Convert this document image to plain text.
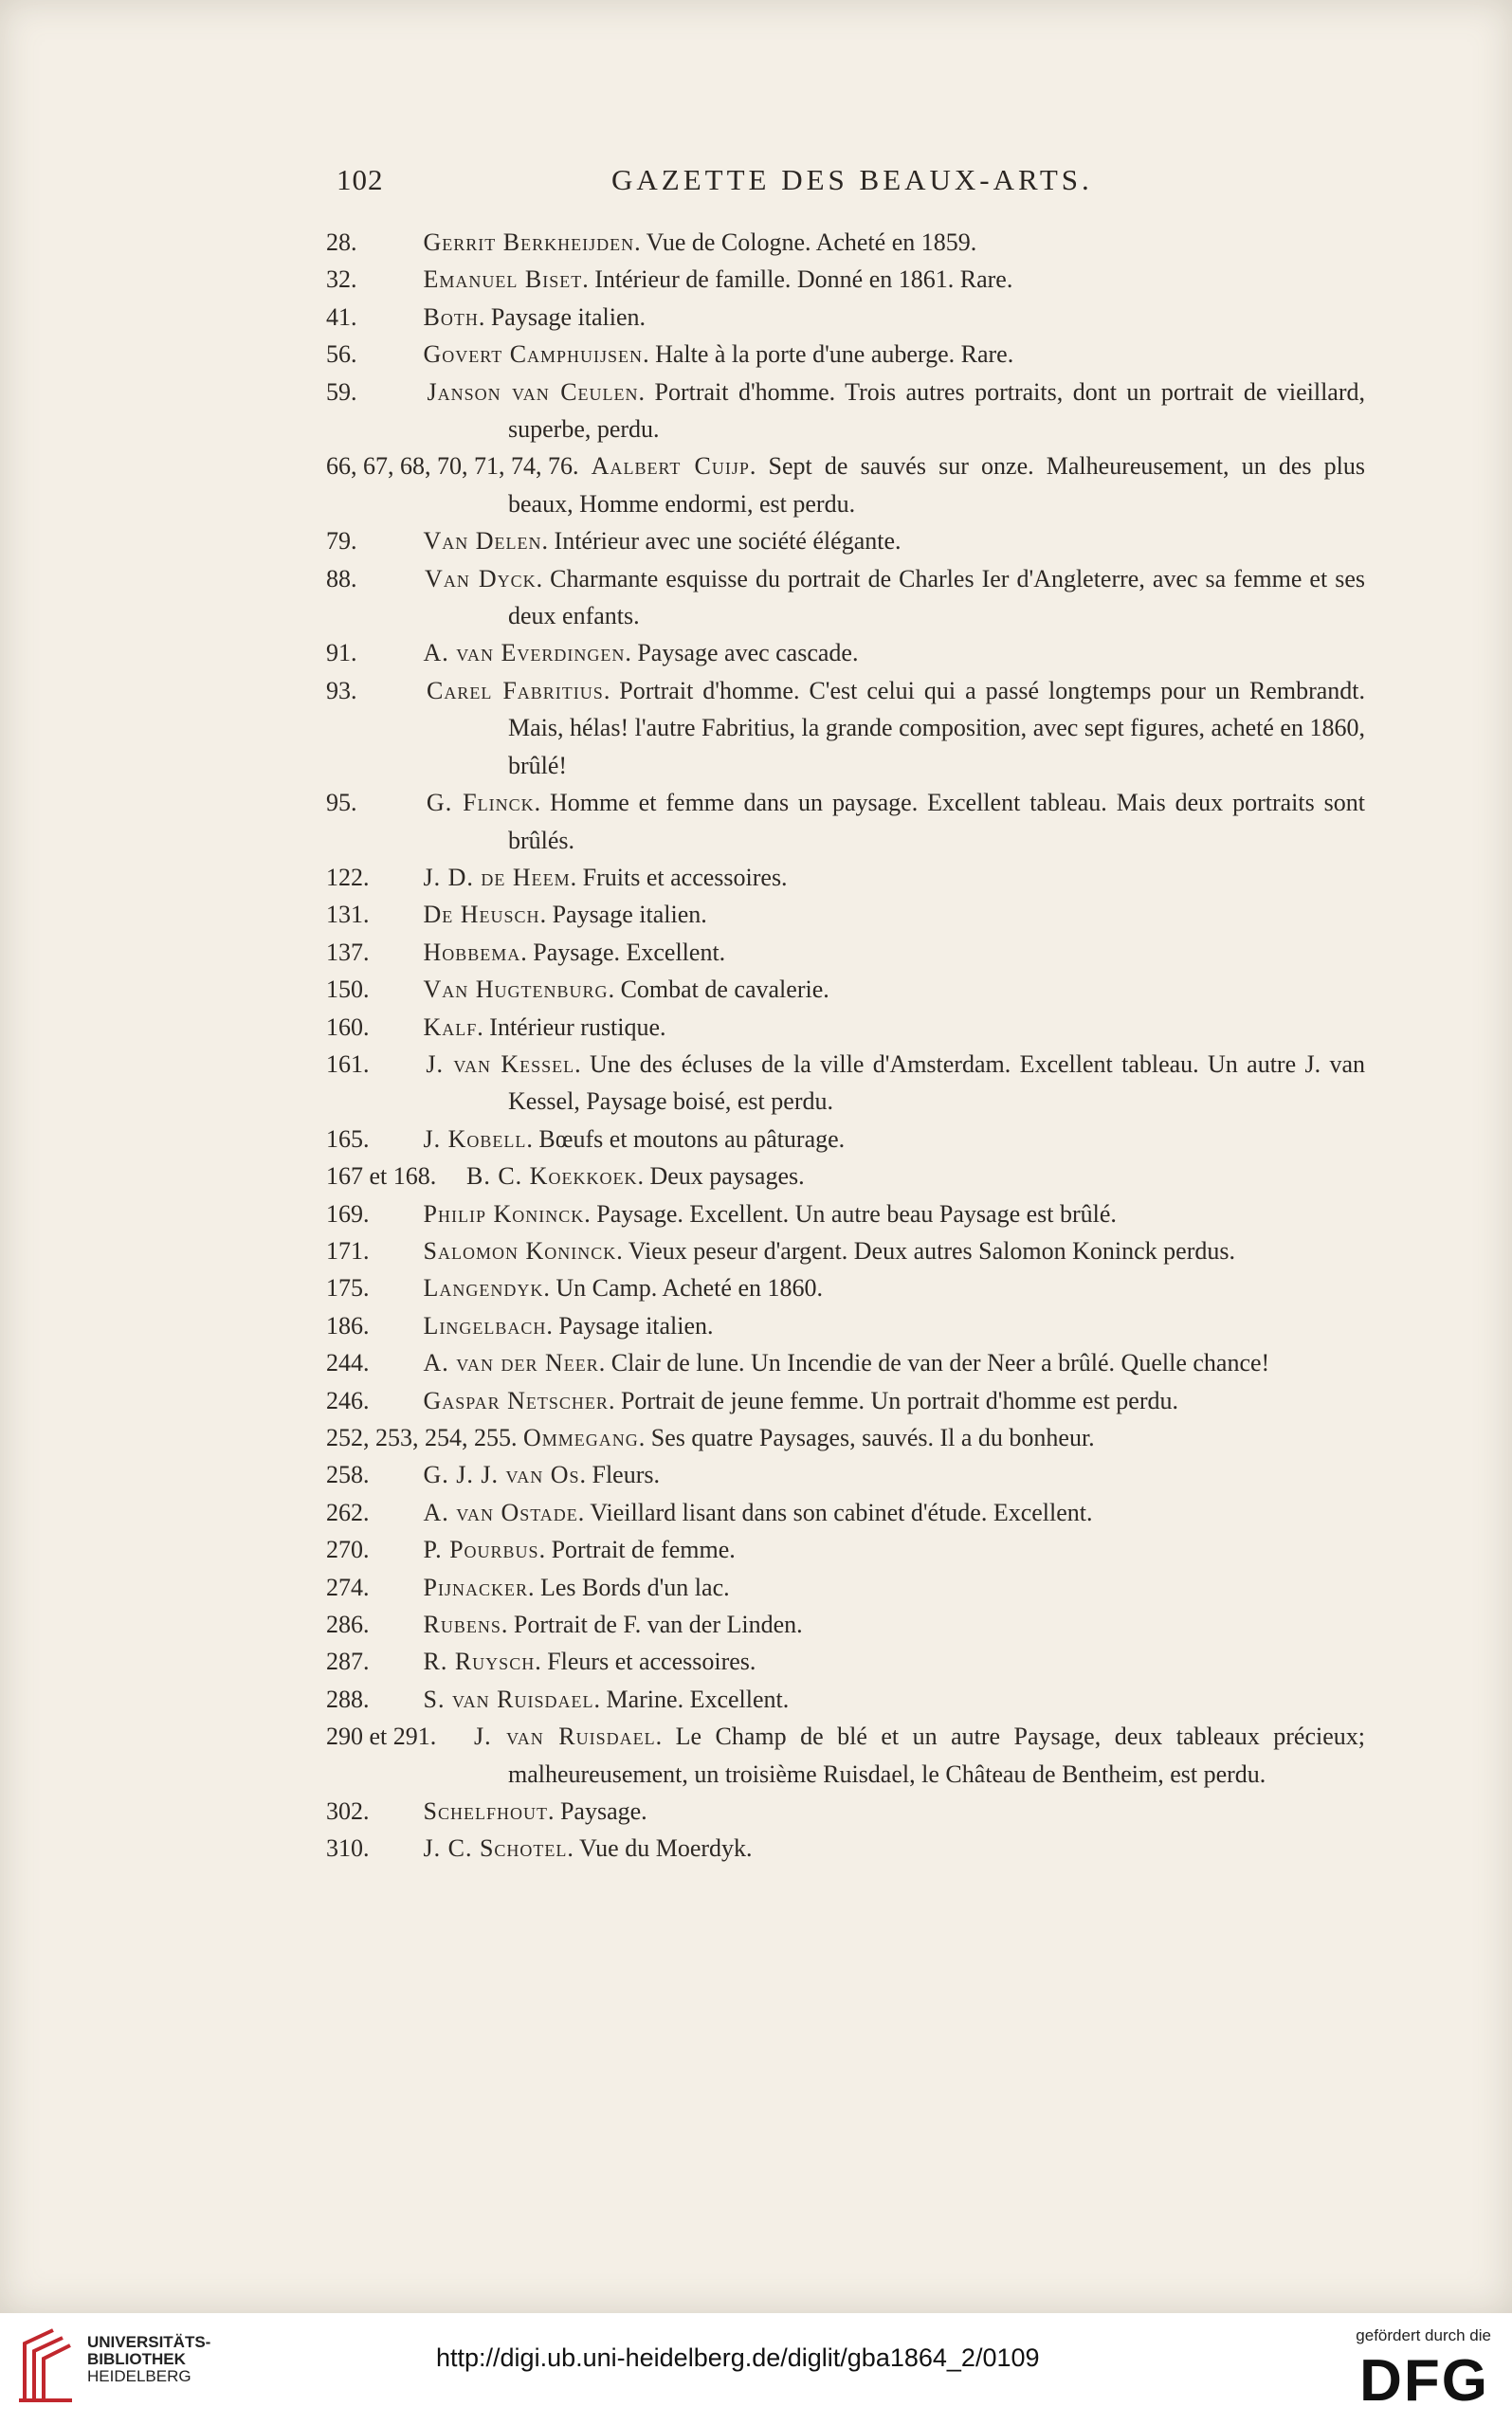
102	GAZETTE DES BEAUX-ARTS.
28.	Gerrit Berkheijden. Vue de Cologne. Acheté en 1859.
32.	Emanuel Biset. Intérieur de famille. Donné en 1861. Rare.
41.	Both. Paysage italien.
56.	Govert Camphuijsen. Halte à la porte d'une auberge. Rare.
59.	Janson van Ceulen. Portrait d'homme. Trois autres portraits, dont un portrait de vieillard, superbe, perdu.
66, 67, 68, 70, 71, 74, 76. Aalbert Cuijp. Sept de sauvés sur onze. Malheureusement, un des plus beaux, Homme endormi, est perdu.
79.	Van Delen. Intérieur avec une société élégante.
88.	Van Dyck. Charmante esquisse du portrait de Charles Ier d'Angleterre, avec sa femme et ses deux enfants.
91.	A. van Everdingen. Paysage avec cascade.
93.	Carel Fabritius. Portrait d'homme. C'est celui qui a passé longtemps pour un Rembrandt. Mais, hélas! l'autre Fabritius, la grande composition, avec sept figures, acheté en 1860, brûlé!
95.	G. Flinck. Homme et femme dans un paysage. Excellent tableau. Mais deux portraits sont brûlés.
122. J. D. de Heem. Fruits et accessoires.
131. De Heusch. Paysage italien.
137. Hobbema. Paysage. Excellent.
150. Van Hugtenburg. Combat de cavalerie.
160. Kalf. Intérieur rustique.
161. J. van Kessel. Une des écluses de la ville d'Amsterdam. Excellent tableau. Un autre J. van Kessel, Paysage boisé, est perdu.
165. J. Kobell. Bœufs et moutons au pâturage.
167 et 168. B. C. Koekkoek. Deux paysages.
169. Philip Koninck. Paysage. Excellent. Un autre beau Paysage est brûlé.
171. Salomon Koninck. Vieux peseur d'argent. Deux autres Salomon Koninck perdus.
175. Langendyk. Un Camp. Acheté en 1860.
186. Lingelbach. Paysage italien.
244. A. van der Neer. Clair de lune. Un Incendie de van der Neer a brûlé. Quelle chance!
246. Gaspar Netscher. Portrait de jeune femme. Un portrait d'homme est perdu.
252, 253, 254, 255. Ommegang. Ses quatre Paysages, sauvés. Il a du bonheur.
258. G. J. J. van Os. Fleurs.
262. A. van Ostade. Vieillard lisant dans son cabinet d'étude. Excellent.
270. P. Pourbus. Portrait de femme.
274. Pijnacker. Les Bords d'un lac.
286. Rubens. Portrait de F. van der Linden.
287. R. Ruysch. Fleurs et accessoires.
288. S. van Ruisdael. Marine. Excellent.
290 et 291. J. van Ruisdael. Le Champ de blé et un autre Paysage, deux tableaux précieux; malheureusement, un troisième Ruisdael, le Château de Bentheim, est perdu.
302. Schelfhout. Paysage.
310. J. C. Schotel. Vue du Moerdyk.
UNIVERSITÄTS-
BIBLIOTHEK
HEIDELBERG
http://digi.ub.uni-heidelberg.de/diglit/gba1864_2/0109
gefördert durch die
DFG
